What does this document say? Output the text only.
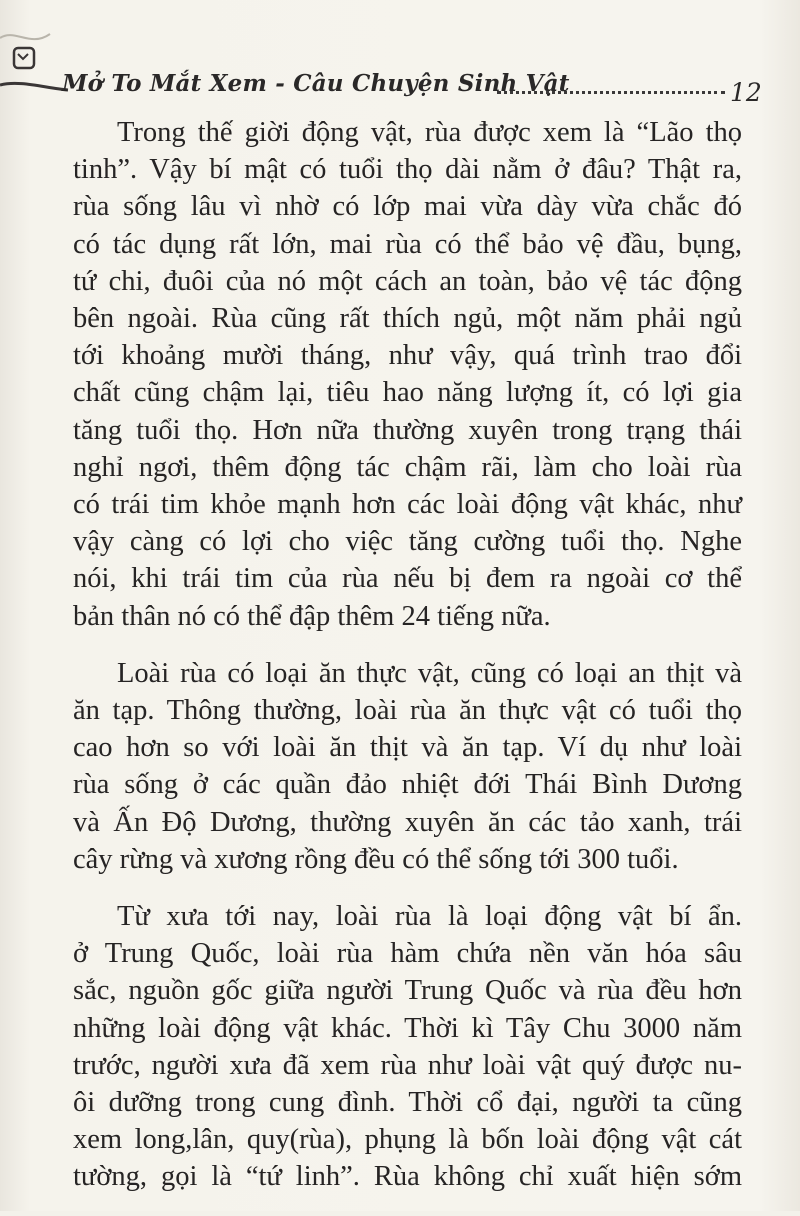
Mở To Mắt Xem - Câu Chuyện Sinh Vật	12
Trong thế giời động vật, rùa được xem là “Lão thọ
tinh”. Vậy bí mật có tuổi thọ dài nằm ở đâu? Thật ra,
rùa sống lâu vì nhờ có lớp mai vừa dày vừa chắc đó
có tác dụng rất lớn, mai rùa có thể bảo vệ đầu, bụng,
tứ chi, đuôi của nó một cách an toàn, bảo vệ tác động
bên ngoài. Rùa cũng rất thích ngủ, một năm phải ngủ
tới khoảng mười tháng, như vậy, quá trình trao đổi
chất cũng chậm lại, tiêu hao năng lượng ít, có lợi gia
tăng tuổi thọ. Hơn nữa thường xuyên trong trạng thái
nghỉ ngơi, thêm động tác chậm rãi, làm cho loài rùa
có trái tim khỏe mạnh hơn các loài động vật khác, như
vậy càng có lợi cho việc tăng cường tuổi thọ. Nghe
nói, khi trái tim của rùa nếu bị đem ra ngoài cơ thể
bản thân nó có thể đập thêm 24 tiếng nữa.
Loài rùa có loại ăn thực vật, cũng có loại an thịt và
ăn tạp. Thông thường, loài rùa ăn thực vật có tuổi thọ
cao hơn so với loài ăn thịt và ăn tạp. Ví dụ như loài
rùa sống ở các quần đảo nhiệt đới Thái Bình Dương
và Ấn Độ Dương, thường xuyên ăn các tảo xanh, trái
cây rừng và xương rồng đều có thể sống tới 300 tuổi.
Từ xưa tới nay, loài rùa là loại động vật bí ẩn.
ở Trung Quốc, loài rùa hàm chứa nền văn hóa sâu
sắc, nguồn gốc giữa người Trung Quốc và rùa đều hơn
những loài động vật khác. Thời kì Tây Chu 3000 năm
trước, người xưa đã xem rùa như loài vật quý được nu-
ôi dưỡng trong cung đình. Thời cổ đại, người ta cũng
xem long,lân, quy(rùa), phụng là bốn loài động vật cát
tường, gọi là “tứ linh”. Rùa không chỉ xuất hiện sớm
